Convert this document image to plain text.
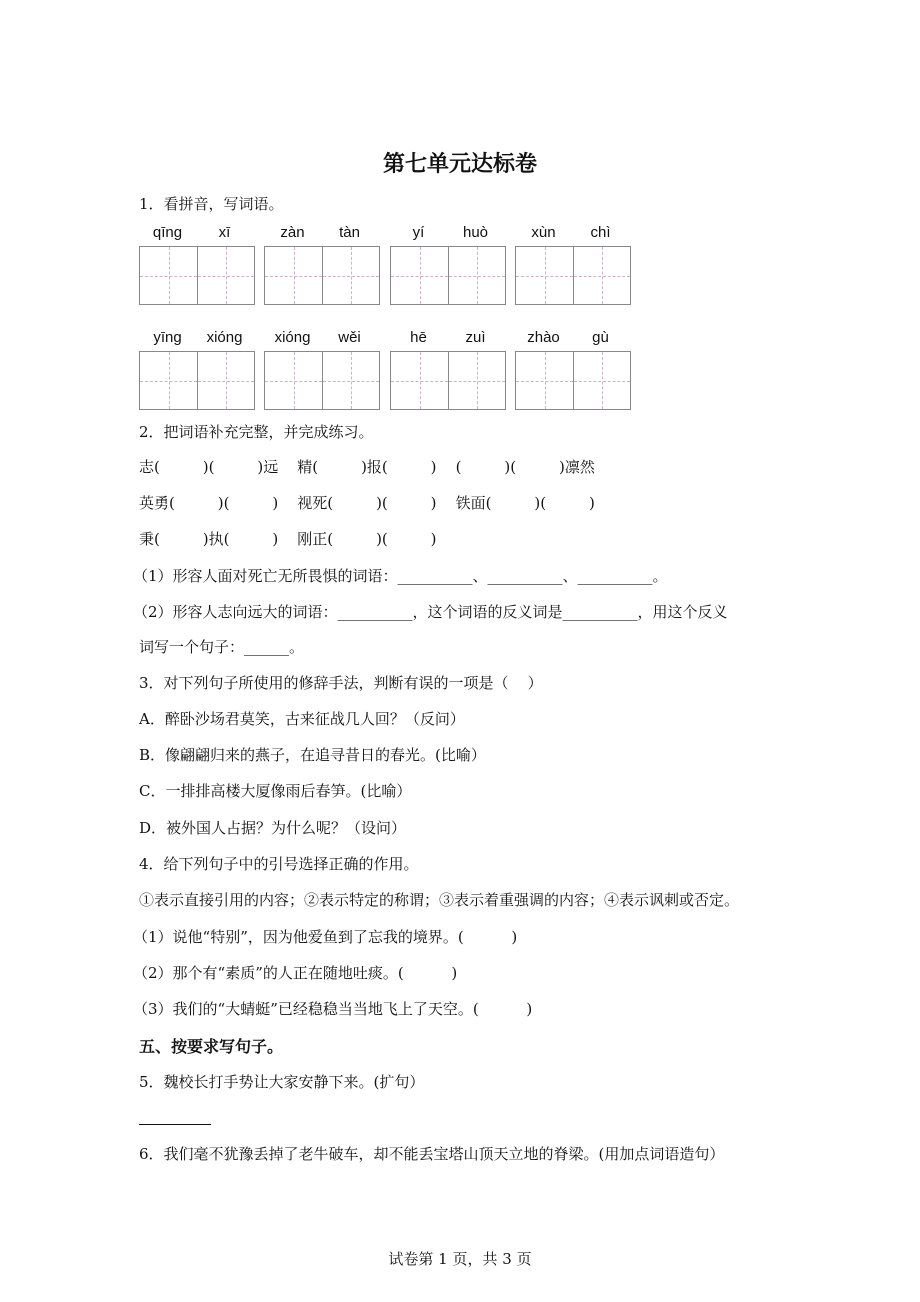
第七单元达标卷
1．看拼音，写词语。
qīng	xī	zàn	tàn	yí	huò	xùn	chì
yīng	xióng	xióng	wěi	hē	zuì	zhào	gù
2．把词语补充完整，并完成练习。
志(         )(         )远    精(         )报(         )    (         )(         )凛然
英勇(         )(         )    视死(         )(         )    铁面(         )(         )
秉(         )执(         )    刚正(         )(         )
（1）形容人面对死亡无所畏惧的词语：__________、__________、__________。
（2）形容人志向远大的词语：__________，这个词语的反义词是__________，用这个反义
词写一个句子：______。
3．对下列句子所使用的修辞手法，判断有误的一项是（    ）
A．醉卧沙场君莫笑，古来征战几人回？（反问）
B．像翩翩归来的燕子，在追寻昔日的春光。(比喻）
C．一排排高楼大厦像雨后春笋。(比喻）
D．被外国人占据？为什么呢？（设问）
4．给下列句子中的引号选择正确的作用。
①表示直接引用的内容；②表示特定的称谓；③表示着重强调的内容；④表示讽刺或否定。
（1）说他“特别”，因为他爱鱼到了忘我的境界。(          )
（2）那个有“素质”的人正在随地吐痰。(          )
（3）我们的“大蜻蜓”已经稳稳当当地飞上了天空。(          )
五、按要求写句子。
5．魏校长打手势让大家安静下来。(扩句）
6．我们毫不犹豫丢掉了老牛破车，却不能丢宝塔山顶天立地的脊梁。(用加点词语造句）
试卷第 1 页，共 3 页
